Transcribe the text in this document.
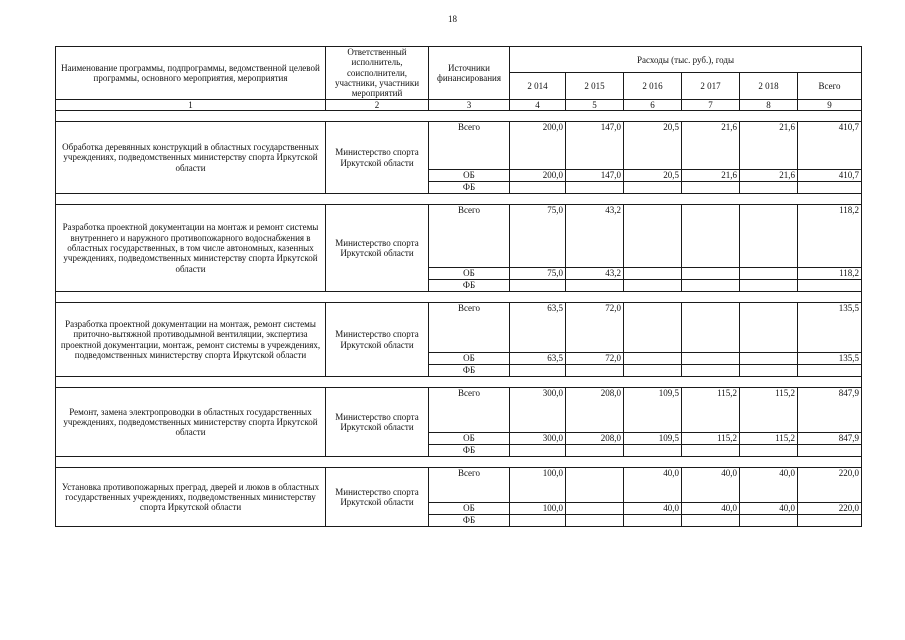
18
Наименование программы, подпрограммы, ведомственной целевой программы, основного мероприятия, мероприятия	Ответственный исполнитель, соисполнители, участники, участники мероприятий	Источники финансирования	Расходы (тыс. руб.), годы					
			2 014	2 015	2 016	2 017	2 018	Всего
1	2	3	4	5	6	7	8	9

Обработка деревянных конструкций в областных государственных учреждениях, подведомственных министерству спорта Иркутской области	Министерство спорта Иркутской области	Всего	200,0	147,0	20,5	21,6	21,6	410,7
		ОБ	200,0	147,0	20,5	21,6	21,6	410,7
		ФБ						

Разработка проектной документации на монтаж и ремонт системы внутреннего и наружного противопожарного водоснабжения в областных государственных, в том числе автономных, казенных учреждениях, подведомственных министерству спорта Иркутской области	Министерство спорта Иркутской области	Всего	75,0	43,2				118,2
		ОБ	75,0	43,2				118,2
		ФБ						

Разработка проектной документации на монтаж, ремонт системы приточно-вытяжной противодымной вентиляции, экспертиза проектной документации, монтаж, ремонт системы в учреждениях, подведомственных министерству спорта Иркутской области	Министерство спорта Иркутской области	Всего	63,5	72,0				135,5
		ОБ	63,5	72,0				135,5
		ФБ						

Ремонт, замена электропроводки в областных государственных учреждениях, подведомственных министерству спорта Иркутской области	Министерство спорта Иркутской области	Всего	300,0	208,0	109,5	115,2	115,2	847,9
		ОБ	300,0	208,0	109,5	115,2	115,2	847,9
		ФБ						

Установка противопожарных преград, дверей и люков в областных государственных учреждениях, подведомственных министерству спорта Иркутской области	Министерство спорта Иркутской области	Всего	100,0		40,0	40,0	40,0	220,0
		ОБ	100,0		40,0	40,0	40,0	220,0
		ФБ						
